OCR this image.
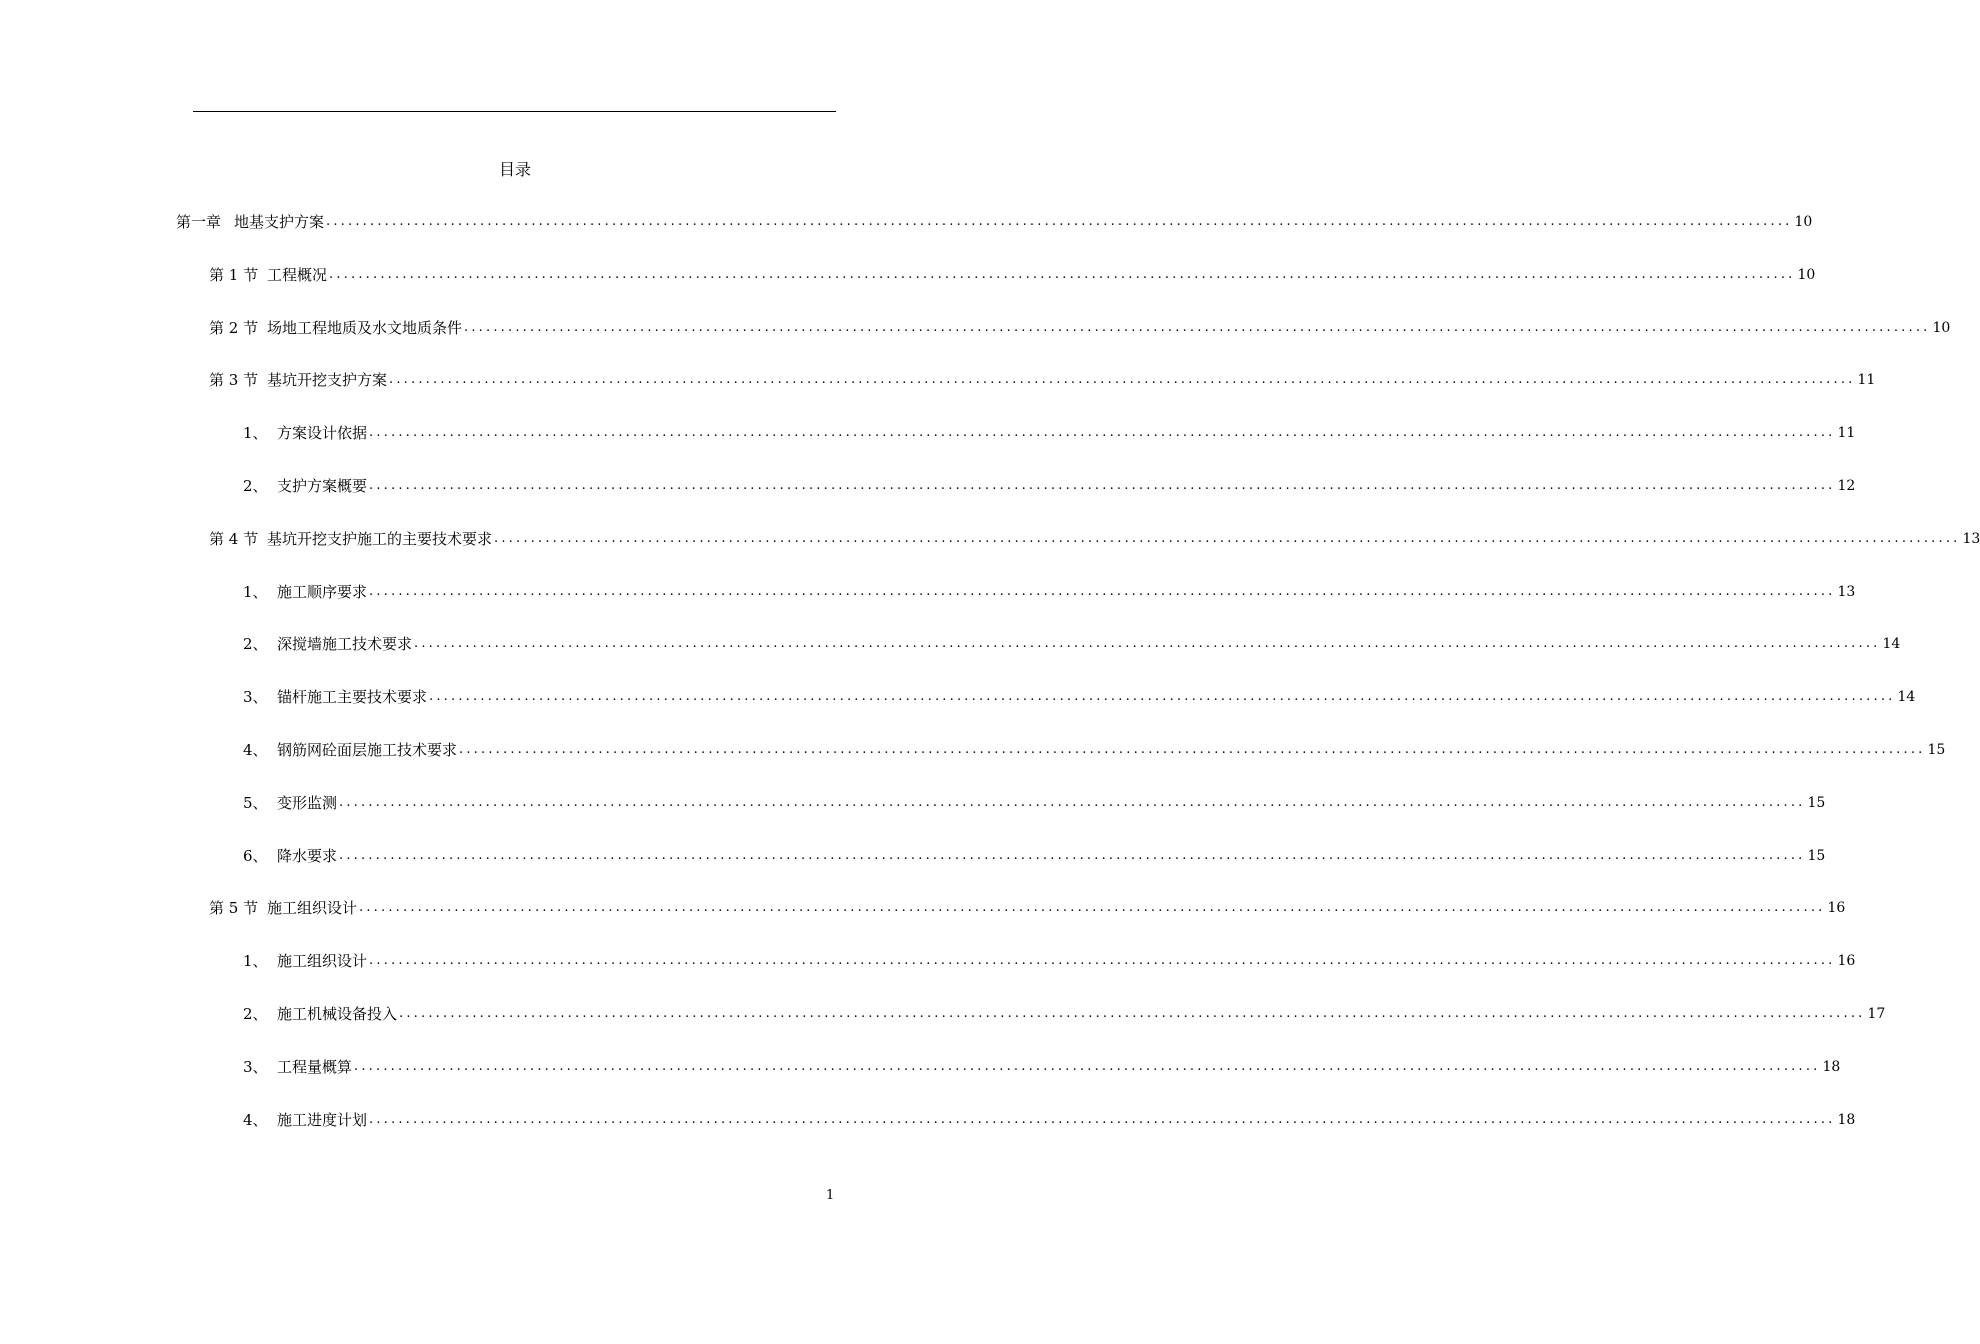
目录
第一章 地基支护方案 ........................................................................................................................................................................................................ 10
第 1 节 工程概况 ........................................................................................................................................................................................................ 10
第 2 节 场地工程地质及水文地质条件 ........................................................................................................................................................................................................ 10
第 3 节 基坑开挖支护方案 ........................................................................................................................................................................................................ 11
1、 方案设计依据 ........................................................................................................................................................................................................ 11
2、 支护方案概要 ........................................................................................................................................................................................................ 12
第 4 节 基坑开挖支护施工的主要技术要求 ........................................................................................................................................................................................................ 13
1、 施工顺序要求 ........................................................................................................................................................................................................ 13
2、 深搅墙施工技术要求 ........................................................................................................................................................................................................ 14
3、 锚杆施工主要技术要求 ........................................................................................................................................................................................................ 14
4、 钢筋网砼面层施工技术要求 ........................................................................................................................................................................................................ 15
5、 变形监测 ........................................................................................................................................................................................................ 15
6、 降水要求 ........................................................................................................................................................................................................ 15
第 5 节 施工组织设计 ........................................................................................................................................................................................................ 16
1、 施工组织设计 ........................................................................................................................................................................................................ 16
2、 施工机械设备投入 ........................................................................................................................................................................................................ 17
3、 工程量概算 ........................................................................................................................................................................................................ 18
4、 施工进度计划 ........................................................................................................................................................................................................ 18
1
